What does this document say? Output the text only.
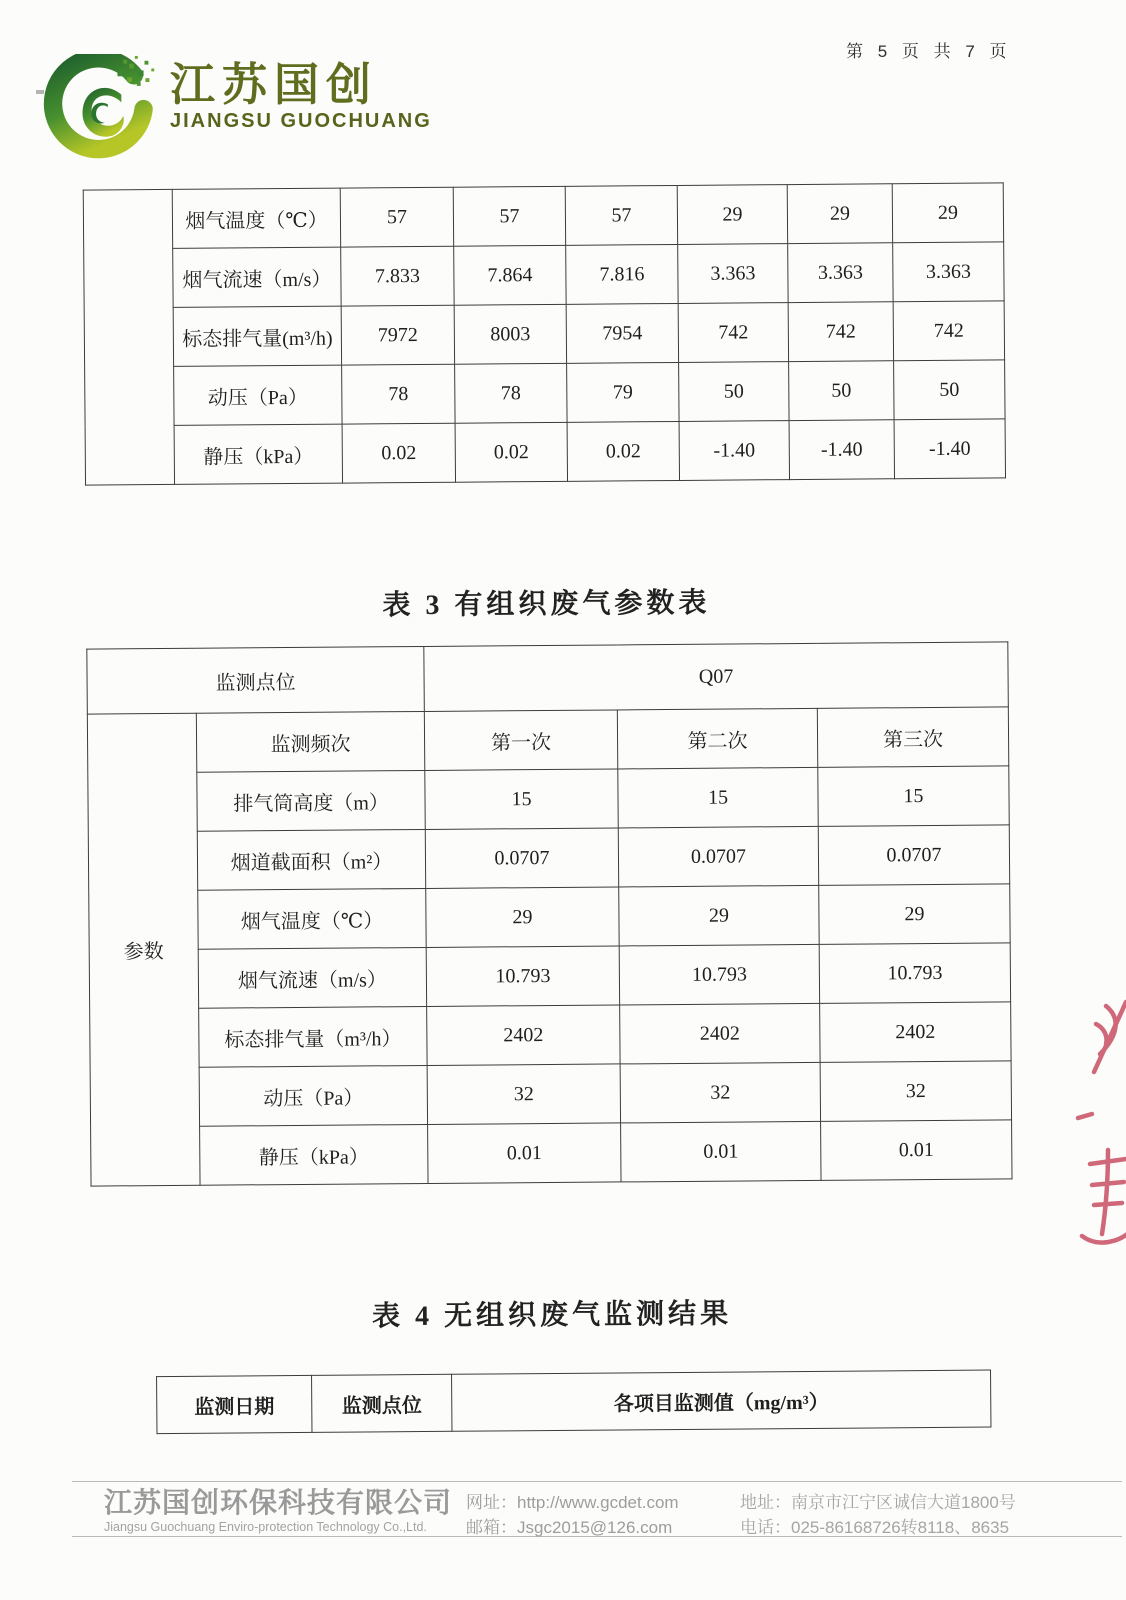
第 5 页 共 7 页
江苏国创
JIANGSU GUOCHUANG
	烟气温度（℃）	57	57	57	29	29	29
	烟气流速（m/s）	7.833	7.864	7.816	3.363	3.363	3.363
	标态排气量(m³/h)	7972	8003	7954	742	742	742
	动压（Pa）	78	78	79	50	50	50
	静压（kPa）	0.02	0.02	0.02	-1.40	-1.40	-1.40
表 3 有组织废气参数表
监测点位		Q07		
参数	监测频次	第一次	第二次	第三次
	排气筒高度（m）	15	15	15
	烟道截面积（m²）	0.0707	0.0707	0.0707
	烟气温度（℃）	29	29	29
	烟气流速（m/s）	10.793	10.793	10.793
	标态排气量（m³/h）	2402	2402	2402
	动压（Pa）	32	32	32
	静压（kPa）	0.01	0.01	0.01
表 4 无组织废气监测结果
监测日期	监测点位	各项目监测值（mg/m³）
江苏国创环保科技有限公司
Jiangsu Guochuang Enviro-protection Technology Co.,Ltd.
网址：http://www.gcdet.com
邮箱：Jsgc2015@126.com
地址：南京市江宁区诚信大道1800号
电话：025-86168726转8118、8635
